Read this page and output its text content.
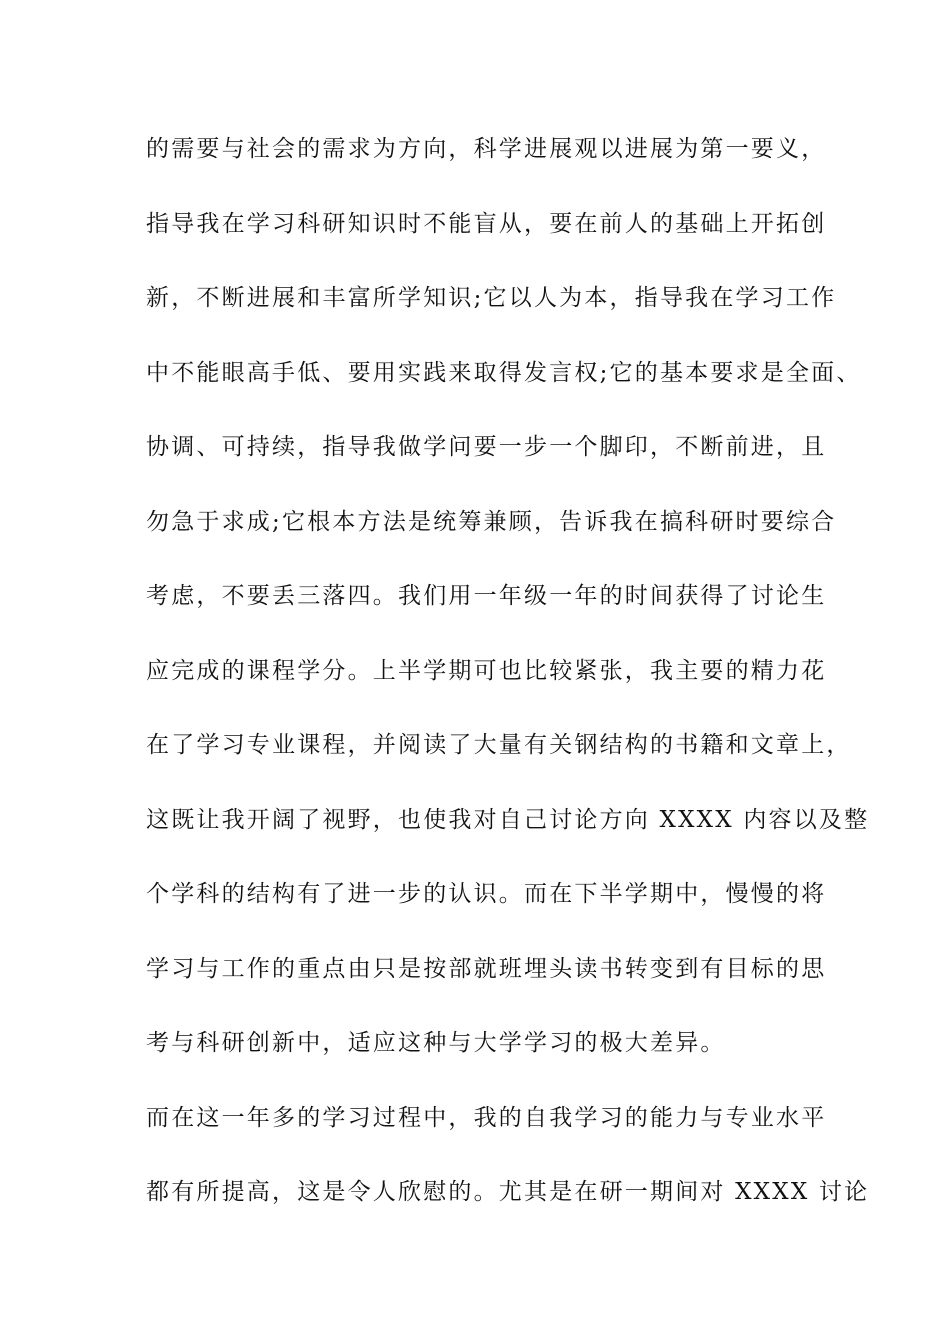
的需要与社会的需求为方向，科学进展观以进展为第一要义，
指导我在学习科研知识时不能盲从，要在前人的基础上开拓创
新，不断进展和丰富所学知识;它以人为本，指导我在学习工作
中不能眼高手低、要用实践来取得发言权;它的基本要求是全面、
协调、可持续，指导我做学问要一步一个脚印，不断前进，且
勿急于求成;它根本方法是统筹兼顾，告诉我在搞科研时要综合
考虑，不要丢三落四。我们用一年级一年的时间获得了讨论生
应完成的课程学分。上半学期可也比较紧张，我主要的精力花
在了学习专业课程，并阅读了大量有关钢结构的书籍和文章上，
这既让我开阔了视野，也使我对自己讨论方向 XXXX 内容以及整
个学科的结构有了进一步的认识。而在下半学期中，慢慢的将
学习与工作的重点由只是按部就班埋头读书转变到有目标的思
考与科研创新中，适应这种与大学学习的极大差异。
而在这一年多的学习过程中，我的自我学习的能力与专业水平
都有所提高，这是令人欣慰的。尤其是在研一期间对 XXXX 讨论
